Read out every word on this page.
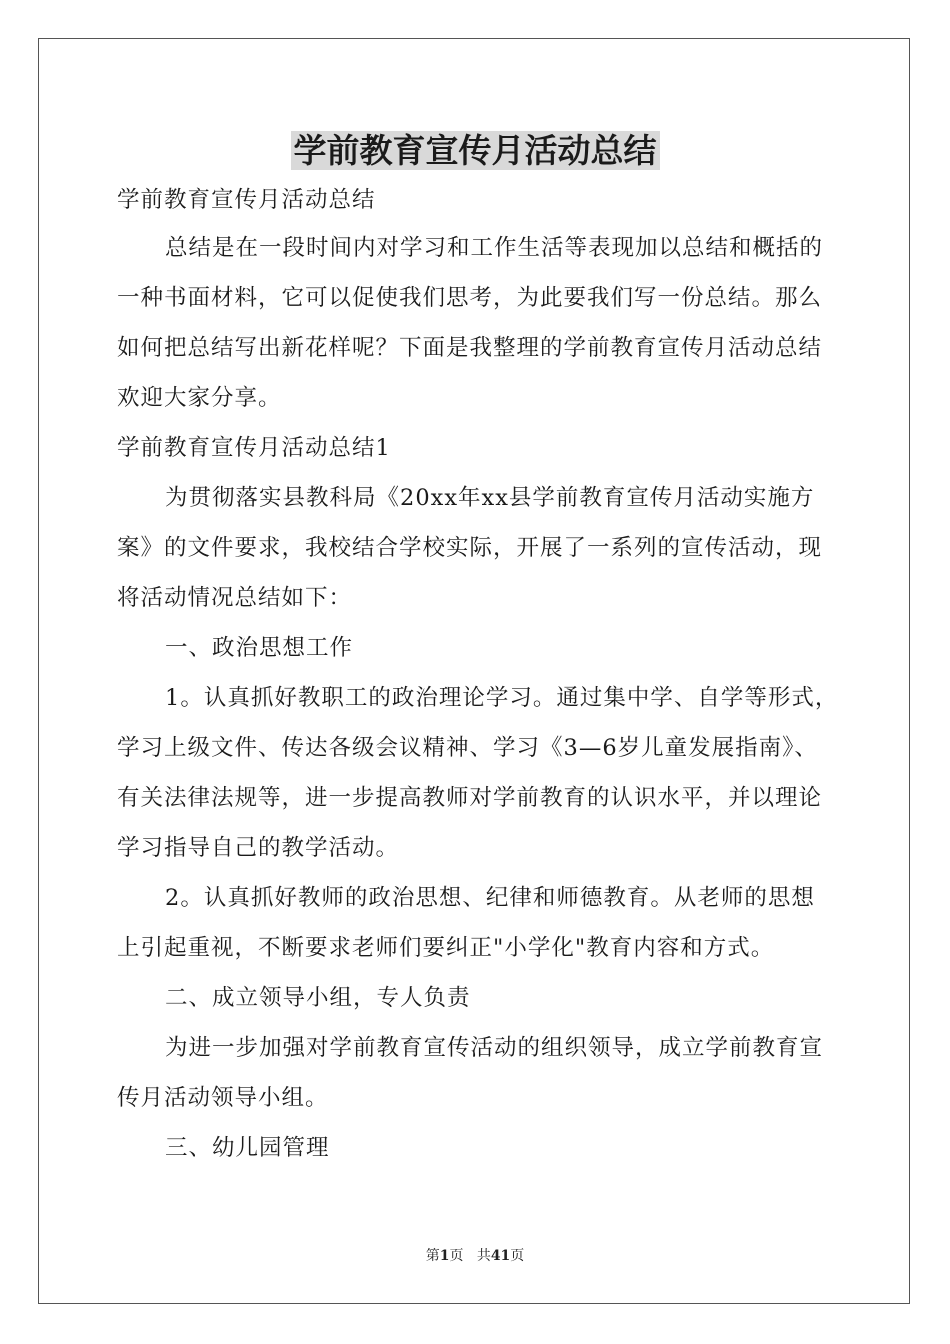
学前教育宣传月活动总结
学前教育宣传月活动总结
总结是在一段时间内对学习和工作生活等表现加以总结和概括的
一种书面材料，它可以促使我们思考，为此要我们写一份总结。那么
如何把总结写出新花样呢？下面是我整理的学前教育宣传月活动总结
欢迎大家分享。
学前教育宣传月活动总结1
为贯彻落实县教科局《20xx年xx县学前教育宣传月活动实施方
案》的文件要求，我校结合学校实际，开展了一系列的宣传活动，现
将活动情况总结如下：
一、政治思想工作
1。认真抓好教职工的政治理论学习。通过集中学、自学等形式，
学习上级文件、传达各级会议精神、学习《3—6岁儿童发展指南》、
有关法律法规等，进一步提高教师对学前教育的认识水平，并以理论
学习指导自己的教学活动。
2。认真抓好教师的政治思想、纪律和师德教育。从老师的思想
上引起重视，不断要求老师们要纠正"小学化"教育内容和方式。
二、成立领导小组，专人负责
为进一步加强对学前教育宣传活动的组织领导，成立学前教育宣
传月活动领导小组。
三、幼儿园管理
第1页 共41页
